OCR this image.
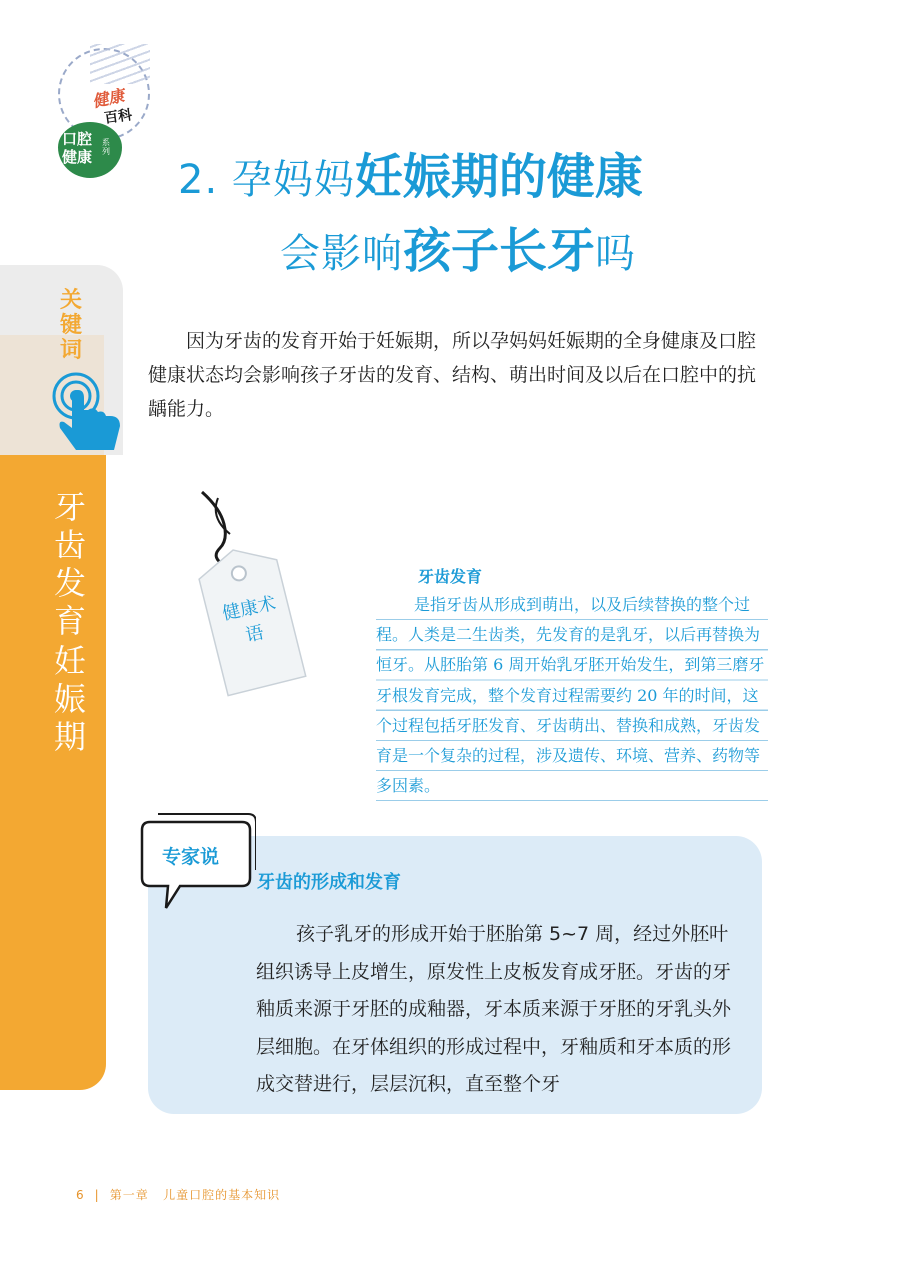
健康
百科
口腔健康
系列
2. 孕妈妈妊娠期的健康
会影响孩子长牙吗
关键词
牙齿发育
妊娠期

因为牙齿的发育开始于妊娠期，所以孕妈妈妊娠期的全身健康及口腔健康状态均会影响孩子牙齿的发育、结构、萌出时间及以后在口腔中的抗龋能力。

健康术语
牙齿发育

是指牙齿从形成到萌出，以及后续替换的整个过程。人类是二生齿类，先发育的是乳牙，以后再替换为恒牙。从胚胎第 6 周开始乳牙胚开始发生，到第三磨牙牙根发育完成，整个发育过程需要约 20 年的时间，这个过程包括牙胚发育、牙齿萌出、替换和成熟，牙齿发育是一个复杂的过程，涉及遗传、环境、营养、药物等多因素。

专家说
牙齿的形成和发育

孩子乳牙的形成开始于胚胎第 5~7 周，经过外胚叶组织诱导上皮增生，原发性上皮板发育成牙胚。牙齿的牙釉质来源于牙胚的成釉器，牙本质来源于牙胚的牙乳头外层细胞。在牙体组织的形成过程中，牙釉质和牙本质的形成交替进行，层层沉积，直至整个牙

6 | 第一章 儿童口腔的基本知识
